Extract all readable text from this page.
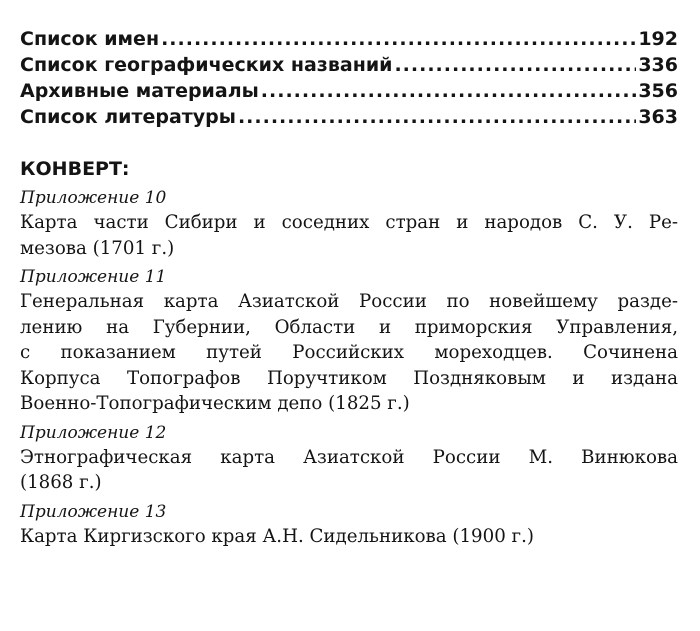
Список имен .....	192
Список географических названий .....	336
Архивные материалы .....	356
Список литературы .....	363
КОНВЕРТ:
Приложение 10
Карта части Сибири и соседних стран и народов С. У. Ре-
мезова (1701 г.)
Приложение 11
Генеральная карта Азиатской России по новейшему разде-
лению на Губернии, Области и приморския Управления,
с показанием путей Российских мореходцев. Сочинена
Корпуса Топографов Поручтиком Поздняковым и издана
Военно-Топографическим депо (1825 г.)
Приложение 12
Этнографическая карта Азиатской России М. Винюкова
(1868 г.)
Приложение 13
Карта Киргизского края А.Н. Сидельникова (1900 г.)
